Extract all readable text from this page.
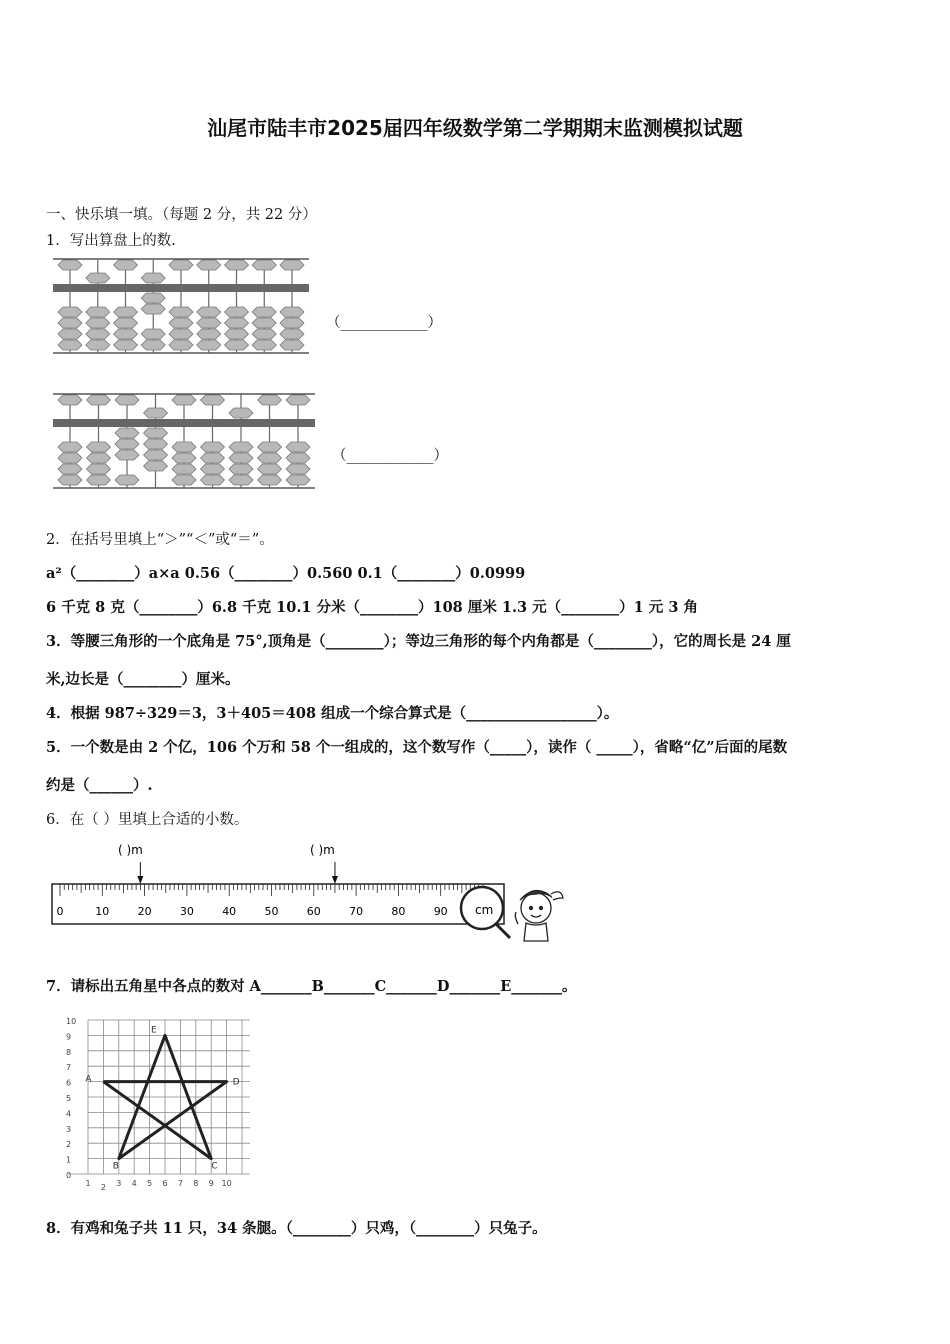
汕尾市陆丰市2025届四年级数学第二学期期末监测模拟试题
一、快乐填一填。（每题 2 分，共 22 分）
1．写出算盘上的数.
（____________）
（____________）
2．在括号里填上“＞”“＜”或“＝”。
a²（________）a×a 0.56（________）0.560 0.1（________）0.0999
6 千克 8 克（________）6.8 千克 10.1 分米（________）108 厘米 1.3 元（________）1 元 3 角
3．等腰三角形的一个底角是 75°,顶角是（________）；等边三角形的每个内角都是（________），它的周长是 24 厘
米,边长是（________）厘米。
4．根据 987÷329＝3，3＋405＝408 组成一个综合算式是（__________________）。
5．一个数是由 2 个亿，106 个万和 58 个一组成的，这个数写作（_____），读作（ _____），省略“亿”后面的尾数
约是（______）.
6．在（ ）里填上合适的小数。
( )m	( )m
0	10	20	30	40	50	60	70	80	90 cm
7．请标出五角星中各点的数对 A_______B_______C_______D_______E_______。
10
9
8
7
6
5
4
3
2
1
0
1 2 3 4 5 6 7 8 9 10
A
B	C
D
E
8．有鸡和兔子共 11 只，34 条腿。（________）只鸡，（________）只兔子。
